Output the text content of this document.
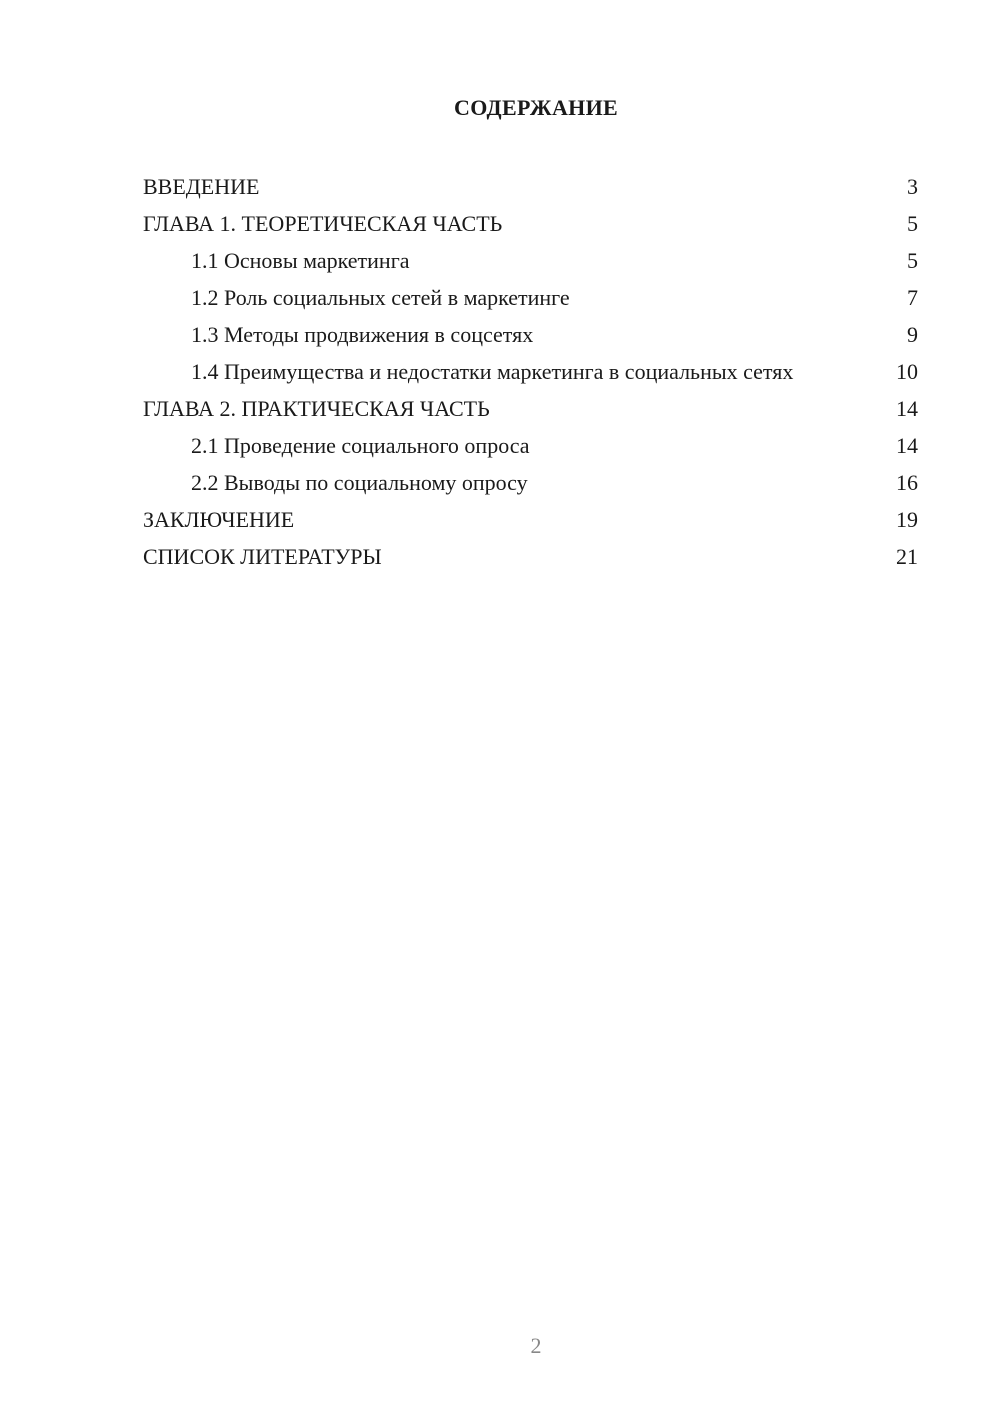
СОДЕРЖАНИЕ
ВВЕДЕНИЕ	3
ГЛАВА 1. ТЕОРЕТИЧЕСКАЯ ЧАСТЬ	5
1.1 Основы маркетинга	5
1.2 Роль социальных сетей в маркетинге	7
1.3 Методы продвижения в соцсетях	9
1.4 Преимущества и недостатки маркетинга в социальных сетях	10
ГЛАВА 2. ПРАКТИЧЕСКАЯ ЧАСТЬ	14
2.1 Проведение социального опроса	14
2.2 Выводы по социальному опросу	16
ЗАКЛЮЧЕНИЕ	19
СПИСОК ЛИТЕРАТУРЫ	21
2
